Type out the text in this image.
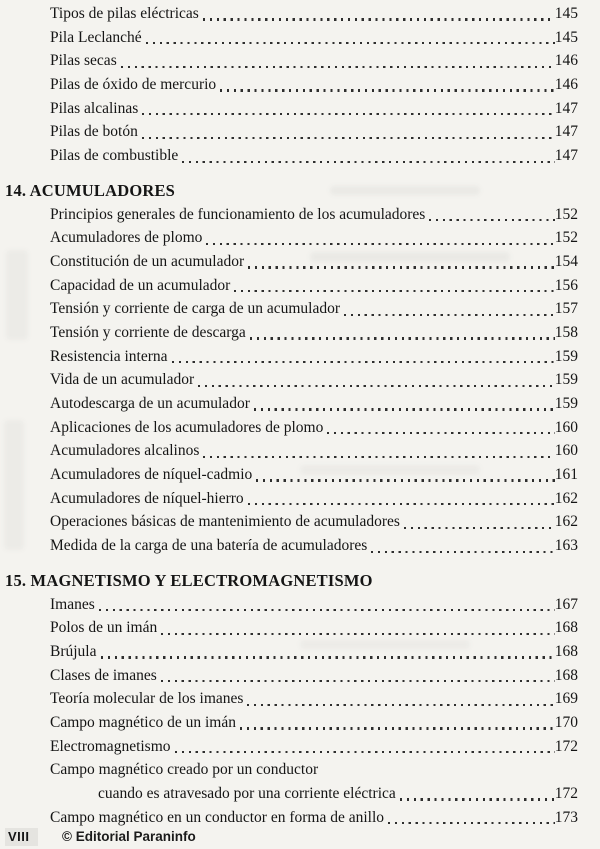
Tipos de pilas eléctricas	145
Pila Leclanché	145
Pilas secas	146
Pilas de óxido de mercurio	146
Pilas alcalinas	147
Pilas de botón	147
Pilas de combustible	147
14. ACUMULADORES
Principios generales de funcionamiento de los acumuladores	152
Acumuladores de plomo	152
Constitución de un acumulador	154
Capacidad de un acumulador	156
Tensión y corriente de carga de un acumulador	157
Tensión y corriente de descarga	158
Resistencia interna	159
Vida de un acumulador	159
Autodescarga de un acumulador	159
Aplicaciones de los acumuladores de plomo	160
Acumuladores alcalinos	160
Acumuladores de níquel-cadmio	161
Acumuladores de níquel-hierro	162
Operaciones básicas de mantenimiento de acumuladores	162
Medida de la carga de una batería de acumuladores	163
15. MAGNETISMO Y ELECTROMAGNETISMO
Imanes	167
Polos de un imán	168
Brújula	168
Clases de imanes	168
Teoría molecular de los imanes	169
Campo magnético de un imán	170
Electromagnetismo	172
Campo magnético creado por un conductor
cuando es atravesado por una corriente eléctrica	172
Campo magnético en un conductor en forma de anillo	173
VIII	© Editorial Paraninfo
